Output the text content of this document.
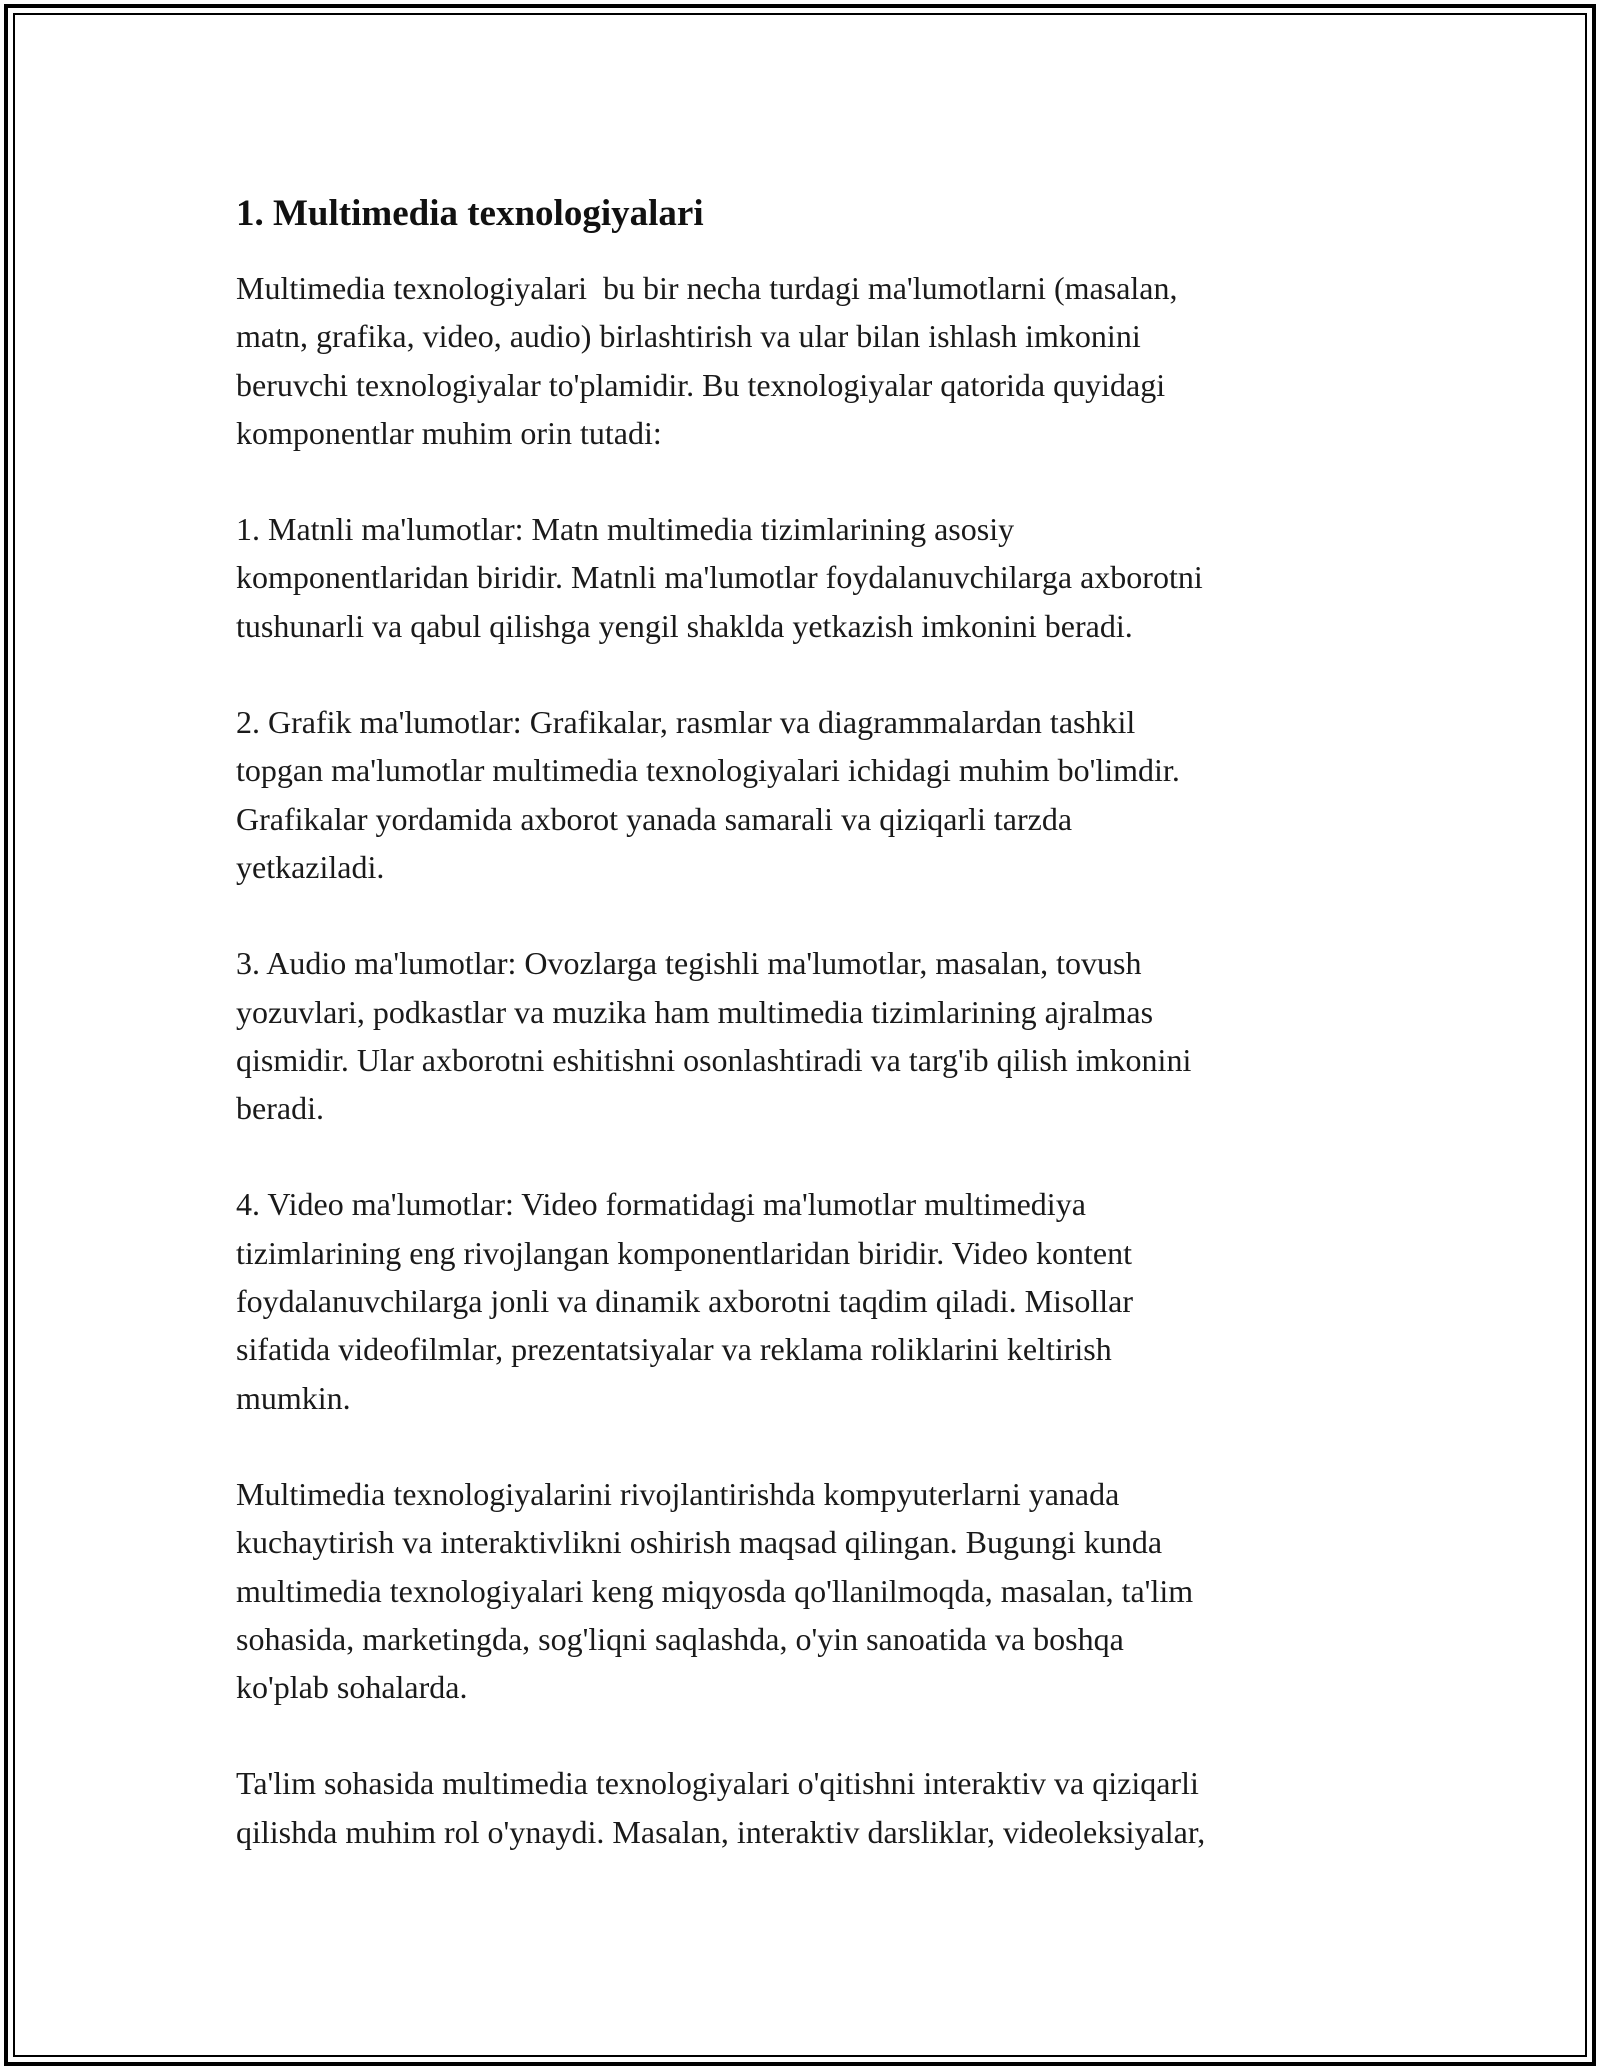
1. Multimedia texnologiyalari

Multimedia texnologiyalari  bu bir necha turdagi ma'lumotlarni (masalan,
matn, grafika, video, audio) birlashtirish va ular bilan ishlash imkonini
beruvchi texnologiyalar to'plamidir. Bu texnologiyalar qatorida quyidagi
komponentlar muhim orin tutadi:

1. Matnli ma'lumotlar: Matn multimedia tizimlarining asosiy
komponentlaridan biridir. Matnli ma'lumotlar foydalanuvchilarga axborotni
tushunarli va qabul qilishga yengil shaklda yetkazish imkonini beradi.

2. Grafik ma'lumotlar: Grafikalar, rasmlar va diagrammalardan tashkil
topgan ma'lumotlar multimedia texnologiyalari ichidagi muhim bo'limdir.
Grafikalar yordamida axborot yanada samarali va qiziqarli tarzda
yetkaziladi.

3. Audio ma'lumotlar: Ovozlarga tegishli ma'lumotlar, masalan, tovush
yozuvlari, podkastlar va muzika ham multimedia tizimlarining ajralmas
qismidir. Ular axborotni eshitishni osonlashtiradi va targ'ib qilish imkonini
beradi.

4. Video ma'lumotlar: Video formatidagi ma'lumotlar multimediya
tizimlarining eng rivojlangan komponentlaridan biridir. Video kontent
foydalanuvchilarga jonli va dinamik axborotni taqdim qiladi. Misollar
sifatida videofilmlar, prezentatsiyalar va reklama roliklarini keltirish
mumkin.

Multimedia texnologiyalarini rivojlantirishda kompyuterlarni yanada
kuchaytirish va interaktivlikni oshirish maqsad qilingan. Bugungi kunda
multimedia texnologiyalari keng miqyosda qo'llanilmoqda, masalan, ta'lim
sohasida, marketingda, sog'liqni saqlashda, o'yin sanoatida va boshqa
ko'plab sohalarda.

Ta'lim sohasida multimedia texnologiyalari o'qitishni interaktiv va qiziqarli
qilishda muhim rol o'ynaydi. Masalan, interaktiv darsliklar, videoleksiyalar,
